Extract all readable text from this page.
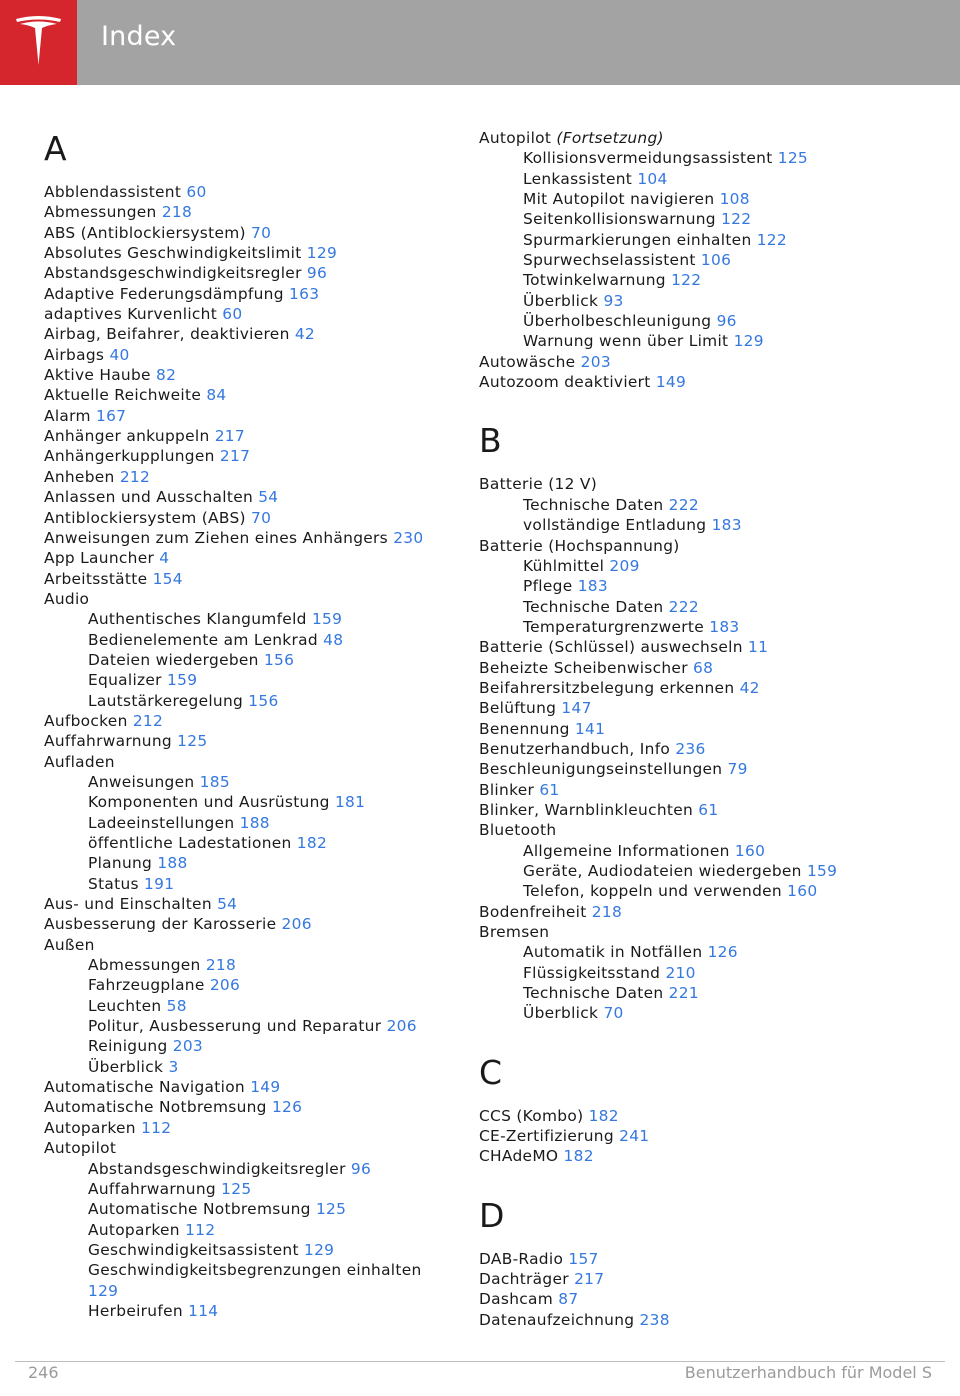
Index
A
Abblendassistent 60
Abmessungen 218
ABS (Antiblockiersystem) 70
Absolutes Geschwindigkeitslimit 129
Abstandsgeschwindigkeitsregler 96
Adaptive Federungsdämpfung 163
adaptives Kurvenlicht 60
Airbag, Beifahrer, deaktivieren 42
Airbags 40
Aktive Haube 82
Aktuelle Reichweite 84
Alarm 167
Anhänger ankuppeln 217
Anhängerkupplungen 217
Anheben 212
Anlassen und Ausschalten 54
Antiblockiersystem (ABS) 70
Anweisungen zum Ziehen eines Anhängers 230
App Launcher 4
Arbeitsstätte 154
Audio
Authentisches Klangumfeld 159
Bedienelemente am Lenkrad 48
Dateien wiedergeben 156
Equalizer 159
Lautstärkeregelung 156
Aufbocken 212
Auffahrwarnung 125
Aufladen
Anweisungen 185
Komponenten und Ausrüstung 181
Ladeeinstellungen 188
öffentliche Ladestationen 182
Planung 188
Status 191
Aus- und Einschalten 54
Ausbesserung der Karosserie 206
Außen
Abmessungen 218
Fahrzeugplane 206
Leuchten 58
Politur, Ausbesserung und Reparatur 206
Reinigung 203
Überblick 3
Automatische Navigation 149
Automatische Notbremsung 126
Autoparken 112
Autopilot
Abstandsgeschwindigkeitsregler 96
Auffahrwarnung 125
Automatische Notbremsung 125
Autoparken 112
Geschwindigkeitsassistent 129
Geschwindigkeitsbegrenzungen einhalten 129
Herbeirufen 114
Autopilot (Fortsetzung)
Kollisionsvermeidungsassistent 125
Lenkassistent 104
Mit Autopilot navigieren 108
Seitenkollisionswarnung 122
Spurmarkierungen einhalten 122
Spurwechselassistent 106
Totwinkelwarnung 122
Überblick 93
Überholbeschleunigung 96
Warnung wenn über Limit 129
Autowäsche 203
Autozoom deaktiviert 149
B
Batterie (12 V)
Technische Daten 222
vollständige Entladung 183
Batterie (Hochspannung)
Kühlmittel 209
Pflege 183
Technische Daten 222
Temperaturgrenzwerte 183
Batterie (Schlüssel) auswechseln 11
Beheizte Scheibenwischer 68
Beifahrersitzbelegung erkennen 42
Belüftung 147
Benennung 141
Benutzerhandbuch, Info 236
Beschleunigungseinstellungen 79
Blinker 61
Blinker, Warnblinkleuchten 61
Bluetooth
Allgemeine Informationen 160
Geräte, Audiodateien wiedergeben 159
Telefon, koppeln und verwenden 160
Bodenfreiheit 218
Bremsen
Automatik in Notfällen 126
Flüssigkeitsstand 210
Technische Daten 221
Überblick 70
C
CCS (Kombo) 182
CE-Zertifizierung 241
CHAdeMO 182
D
DAB-Radio 157
Dachträger 217
Dashcam 87
Datenaufzeichnung 238
246	Benutzerhandbuch für Model S
